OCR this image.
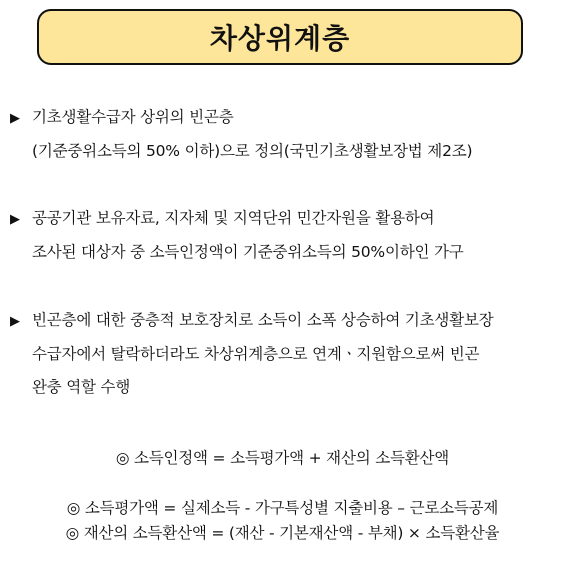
차상위계층
▶ 기초생활수급자 상위의 빈곤층
(기준중위소득의 50% 이하)으로 정의(국민기초생활보장법 제2조)
▶ 공공기관 보유자료, 지자체 및 지역단위 민간자원을 활용하여
조사된 대상자 중 소득인정액이 기준중위소득의 50%이하인 가구
▶ 빈곤층에 대한 중층적 보호장치로 소득이 소폭 상승하여 기초생활보장
수급자에서 탈락하더라도 차상위계층으로 연계ㆍ지원함으로써 빈곤
완충 역할 수행
◎ 소득인정액 = 소득평가액 + 재산의 소득환산액
◎ 소득평가액 = 실제소득 - 가구특성별 지출비용 – 근로소득공제
◎ 재산의 소득환산액 = (재산 - 기본재산액 - 부채) × 소득환산율
